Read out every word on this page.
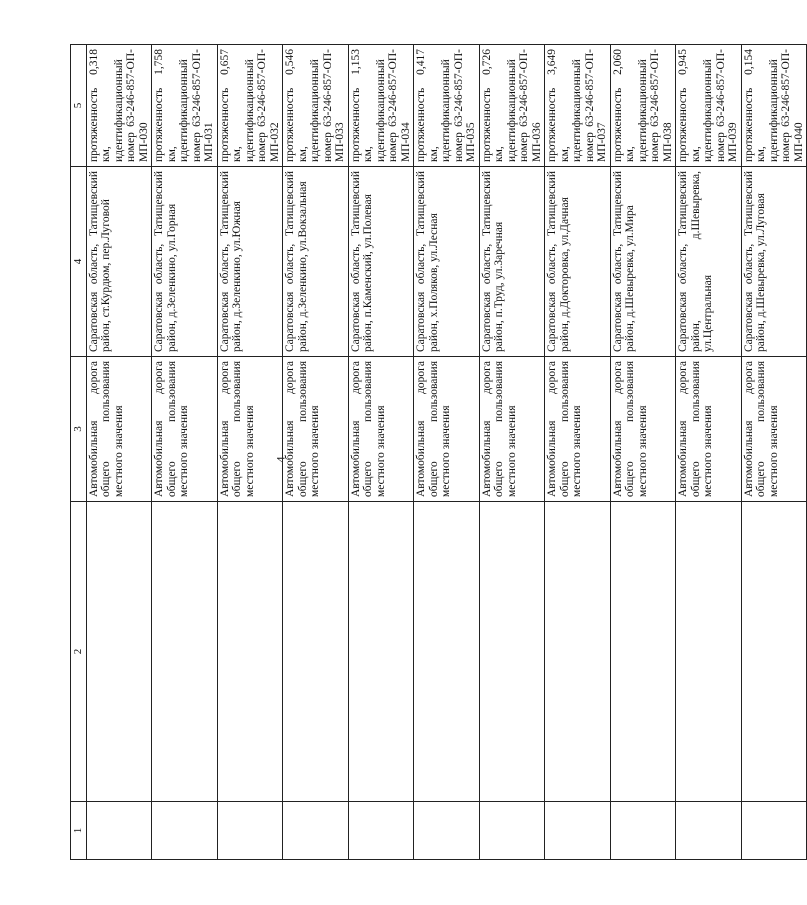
4
1	2	3	4	5
		Автомобильная дорога общего пользования местного значения	Саратовская область, Татищевский район, ст.Курдюм, пер.Луговой	протяженность 0,318 км, идентификационный номер 63-246-857-ОП-МП-030
		Автомобильная дорога общего пользования местного значения	Саратовская область, Татищевский район, д.Зеленкино, ул.Горная	протяженность 1,758 км, идентификационный номер 63-246-857-ОП-МП-031
		Автомобильная дорога общего пользования местного значения	Саратовская область, Татищевский район, д.Зеленкино, ул.Южная	протяженность 0,657 км, идентификационный номер 63-246-857-ОП-МП-032
		Автомобильная дорога общего пользования местного значения	Саратовская область, Татищевский район, д.Зеленкино, ул.Вокзальная	протяженность 0,546 км, идентификационный номер 63-246-857-ОП-МП-033
		Автомобильная дорога общего пользования местного значения	Саратовская область, Татищевский район, п.Каменский, ул.Полевая	протяженность 1,153 км, идентификационный номер 63-246-857-ОП-МП-034
		Автомобильная дорога общего пользования местного значения	Саратовская область, Татищевский район, х.Поляков, ул.Лесная	протяженность 0,417 км, идентификационный номер 63-246-857-ОП-МП-035
		Автомобильная дорога общего пользования местного значения	Саратовская область, Татищевский район, п.Труд, ул.Заречная	протяженность 0,726 км, идентификационный номер 63-246-857-ОП-МП-036
		Автомобильная дорога общего пользования местного значения	Саратовская область, Татищевский район, д.Докторовка, ул.Дачная	протяженность 3,649 км, идентификационный номер 63-246-857-ОП-МП-037
		Автомобильная дорога общего пользования местного значения	Саратовская область, Татищевский район, д.Шевыревка, ул.Мира	протяженность 2,060 км, идентификационный номер 63-246-857-ОП-МП-038
		Автомобильная дорога общего пользования местного значения	Саратовская область, Татищевский район, д.Шевыревка, ул.Центральная	протяженность 0,945 км, идентификационный номер 63-246-857-ОП-МП-039
		Автомобильная дорога общего пользования местного значения	Саратовская область, Татищевский район, д.Шевыревка, ул.Луговая	протяженность 0,154 км, идентификационный номер 63-246-857-ОП-МП-040
